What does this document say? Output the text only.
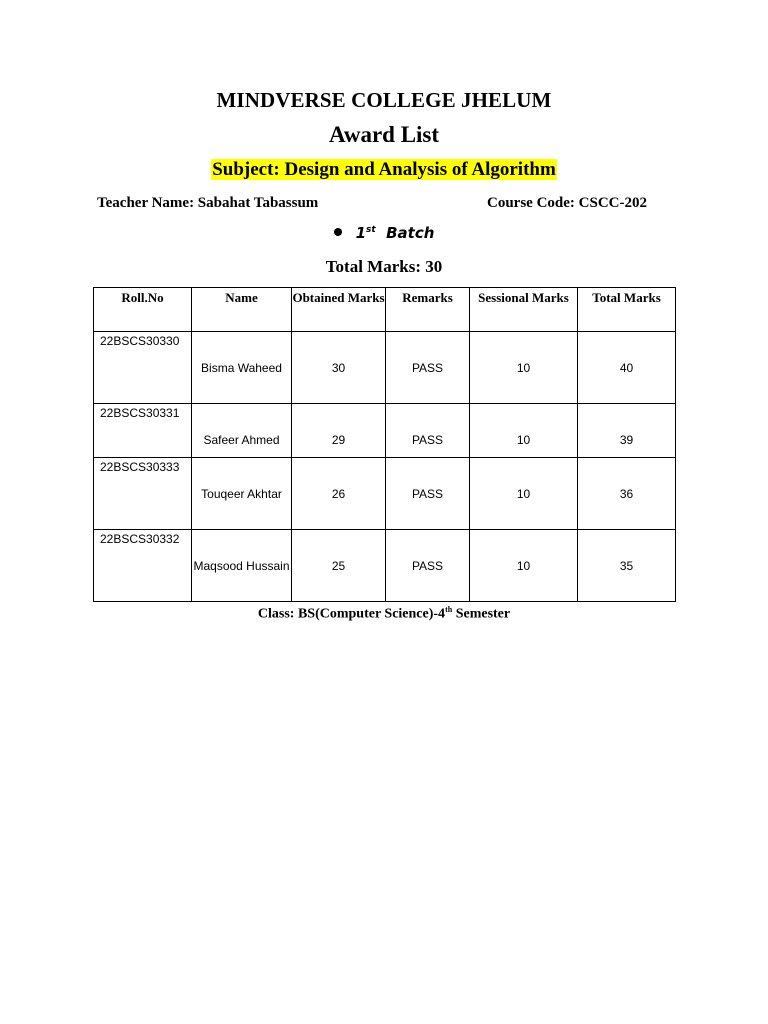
MINDVERSE COLLEGE JHELUM
Award List
Subject: Design and Analysis of Algorithm
Teacher Name: Sabahat Tabassum	Course Code: CSCC-202
1st Batch
Total Marks: 30
Roll.No	Name	Obtained Marks	Remarks	Sessional Marks	Total Marks
22BSCS30330	Bisma Waheed	30	PASS	10	40

22BSCS30331	Safeer Ahmed	29	PASS	10	39

22BSCS30333	Touqeer Akhtar	26	PASS	10	36

22BSCS30332	Maqsood Hussain	25	PASS	10	35
Class: BS(Computer Science)-4th Semester
